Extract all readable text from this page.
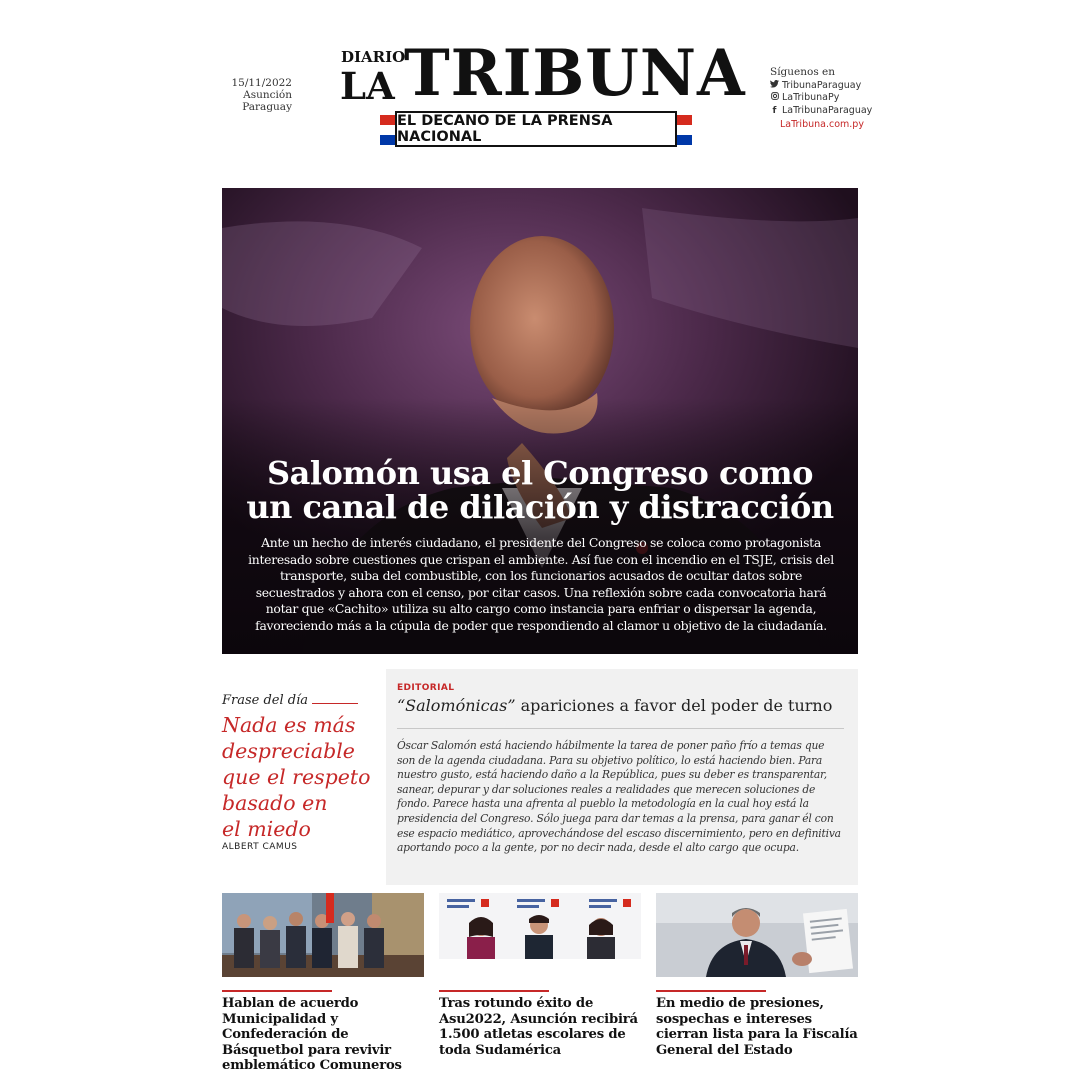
15/11/2022
Asunción
Paraguay
DIARIO
LA TRIBUNA
EL DECANO DE LA PRENSA NACIONAL
Síguenos en
TribunaParaguay
LaTribunaPy
f LaTribunaParaguay
LaTribuna.com.py
Salomón usa el Congreso como
un canal de dilación y distracción
Ante un hecho de interés ciudadano, el presidente del Congreso se coloca como protagonista interesado sobre cuestiones que crispan el ambiente. Así fue con el incendio en el TSJE, crisis del transporte, suba del combustible, con los funcionarios acusados de ocultar datos sobre secuestrados y ahora con el censo, por citar casos. Una reflexión sobre cada convocatoria hará notar que «Cachito» utiliza su alto cargo como instancia para enfriar o dispersar la agenda, favoreciendo más a la cúpula de poder que respondiendo al clamor u objetivo de la ciudadanía.
Frase del día
Nada es más
despreciable
que el respeto
basado en
el miedo
ALBERT CAMUS
EDITORIAL
“Salomónicas” apariciones a favor del poder de turno
Óscar Salomón está haciendo hábilmente la tarea de poner paño frío a temas que son de la agenda ciudadana. Para su objetivo político, lo está haciendo bien. Para nuestro gusto, está haciendo daño a la República, pues su deber es transparentar, sanear, depurar y dar soluciones reales a realidades que merecen soluciones de fondo. Parece hasta una afrenta al pueblo la metodología en la cual hoy está la presidencia del Congreso. Sólo juega para dar temas a la prensa, para ganar él con ese espacio mediático, aprovechándose del escaso discernimiento, pero en definitiva aportando poco a la gente, por no decir nada, desde el alto cargo que ocupa.
Hablan de acuerdo Municipalidad y Confederación de Básquetbol para revivir emblemático Comuneros
Tras rotundo éxito de Asu2022, Asunción recibirá 1.500 atletas escolares de toda Sudamérica
En medio de presiones, sospechas e intereses cierran lista para la Fiscalía General del Estado
